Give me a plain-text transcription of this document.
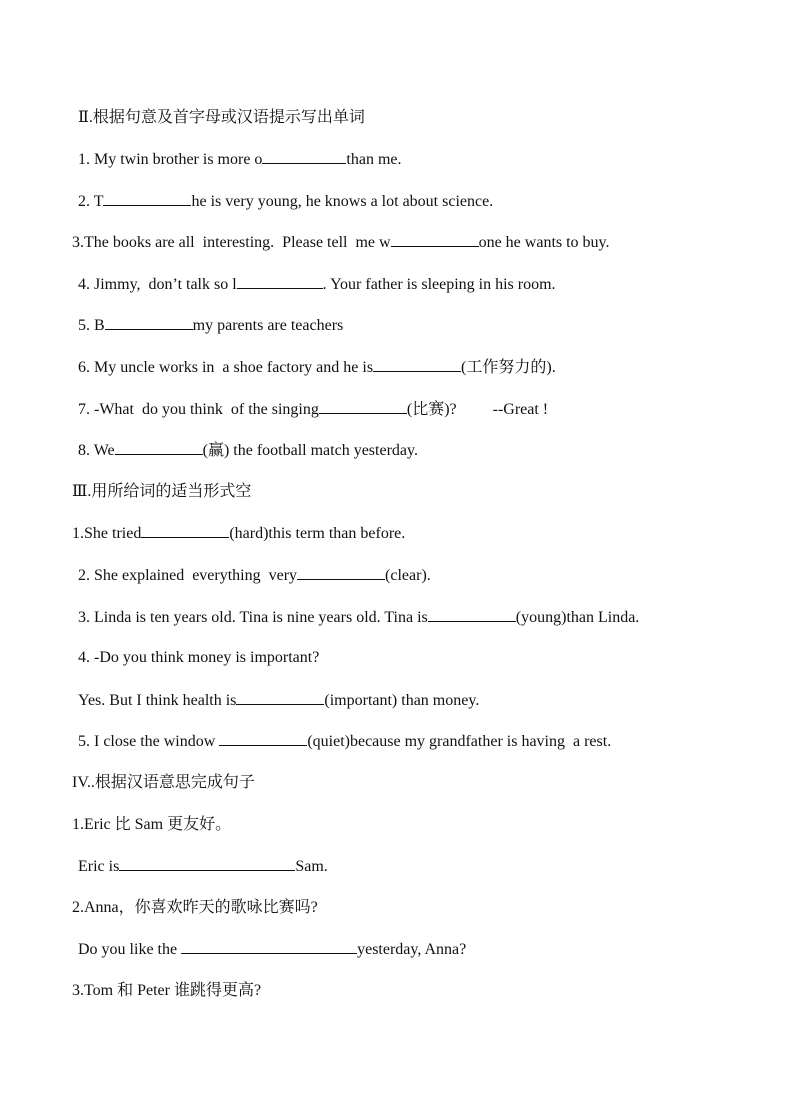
Ⅱ.根据句意及首字母或汉语提示写出单词
1. My twin brother is more o	than me.
2. T	he is very young, he knows a lot about science.
3.The books are all  interesting.  Please tell  me w	one he wants to buy.
4. Jimmy,  don’t talk so l	. Your father is sleeping in his room.
5. B	my parents are teachers
6. My uncle works in  a shoe factory and he is	(工作努力的).
7. -What  do you think  of the singing	(比赛)?         --Great !
8. We	(赢) the football match yesterday.
Ⅲ.用所给词的适当形式空
1.She tried	(hard)this term than before.
2. She explained  everything  very	(clear).
3. Linda is ten years old. Tina is nine years old. Tina is	(young)than Linda.
4. -Do you think money is important?
Yes. But I think health is	(important) than money.
5. I close the window	(quiet)because my grandfather is having  a rest.
IV..根据汉语意思完成句子
1.Eric 比 Sam 更友好。
Eric is	Sam.
2.Anna，你喜欢昨天的歌咏比赛吗?
Do you like the	yesterday, Anna?
3.Tom 和 Peter 谁跳得更高?
